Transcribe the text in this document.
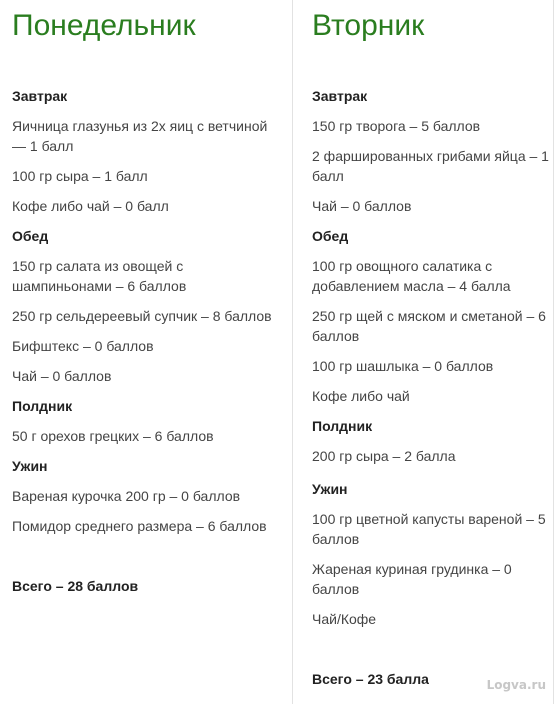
Понедельник
Завтрак

Яичница глазунья из 2х яиц с ветчиной — 1 балл

100 гр сыра – 1 балл

Кофе либо чай – 0 балл

Обед

150 гр салата из овощей с шампиньонами – 6 баллов

250 гр сельдереевый супчик – 8 баллов

Бифштекс – 0 баллов

Чай – 0 баллов

Полдник

50 г орехов грецких – 6 баллов

Ужин

Вареная курочка 200 гр – 0 баллов

Помидор среднего размера – 6 баллов

Всего – 28 баллов
Вторник
Завтрак

150 гр творога – 5 баллов

2 фаршированных грибами яйца – 1 балл

Чай – 0 баллов

Обед

100 гр овощного салатика с добавлением масла – 4 балла

250 гр щей с мяском и сметаной – 6 баллов

100 гр шашлыка – 0 баллов

Кофе либо чай

Полдник

200 гр сыра – 2 балла

Ужин

100 гр цветной капусты вареной – 5 баллов

Жареная куриная грудинка – 0 баллов

Чай/Кофе

Всего – 23 балла	Logva.ru
